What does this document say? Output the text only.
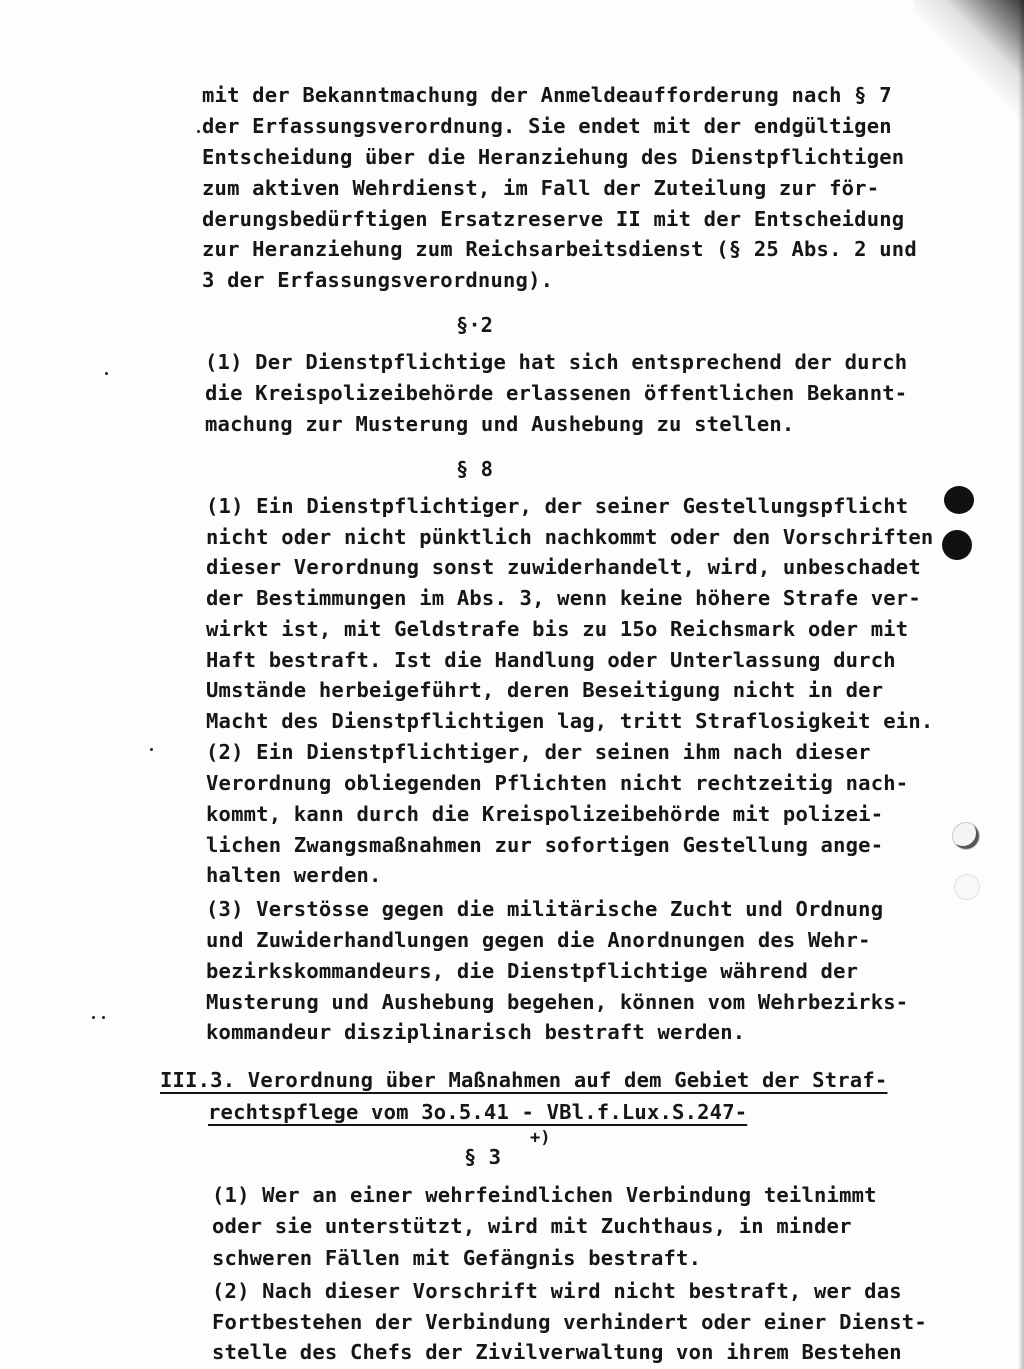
mit der Bekanntmachung der Anmeldeaufforderung nach § 7
der Erfassungsverordnung. Sie endet mit der endgültigen
Entscheidung über die Heranziehung des Dienstpflichtigen
zum aktiven Wehrdienst, im Fall der Zuteilung zur för-
derungsbedürftigen Ersatzreserve II mit der Entscheidung
zur Heranziehung zum Reichsarbeitsdienst (§ 25 Abs. 2 und
3 der Erfassungsverordnung).
§·2
(1) Der Dienstpflichtige hat sich entsprechend der durch
die Kreispolizeibehörde erlassenen öffentlichen Bekannt-
machung zur Musterung und Aushebung zu stellen.
§ 8
(1) Ein Dienstpflichtiger, der seiner Gestellungspflicht
nicht oder nicht pünktlich nachkommt oder den Vorschriften
dieser Verordnung sonst zuwiderhandelt, wird, unbeschadet
der Bestimmungen im Abs. 3, wenn keine höhere Strafe ver-
wirkt ist, mit Geldstrafe bis zu 15o Reichsmark oder mit
Haft bestraft. Ist die Handlung oder Unterlassung durch
Umstände herbeigeführt, deren Beseitigung nicht in der
Macht des Dienstpflichtigen lag, tritt Straflosigkeit ein.
(2) Ein Dienstpflichtiger, der seinen ihm nach dieser
Verordnung obliegenden Pflichten nicht rechtzeitig nach-
kommt, kann durch die Kreispolizeibehörde mit polizei-
lichen Zwangsmaßnahmen zur sofortigen Gestellung ange-
halten werden.
(3) Verstösse gegen die militärische Zucht und Ordnung
und Zuwiderhandlungen gegen die Anordnungen des Wehr-
bezirkskommandeurs, die Dienstpflichtige während der
Musterung und Aushebung begehen, können vom Wehrbezirks-
kommandeur disziplinarisch bestraft werden.
III.3. Verordnung über Maßnahmen auf dem Gebiet der Straf-
rechtspflege vom 3o.5.41 - VBl.f.Lux.S.247-
§ 3
+)
(1) Wer an einer wehrfeindlichen Verbindung teilnimmt
oder sie unterstützt, wird mit Zuchthaus, in minder
schweren Fällen mit Gefängnis bestraft.
(2) Nach dieser Vorschrift wird nicht bestraft, wer das
Fortbestehen der Verbindung verhindert oder einer Dienst-
stelle des Chefs der Zivilverwaltung von ihrem Bestehen
